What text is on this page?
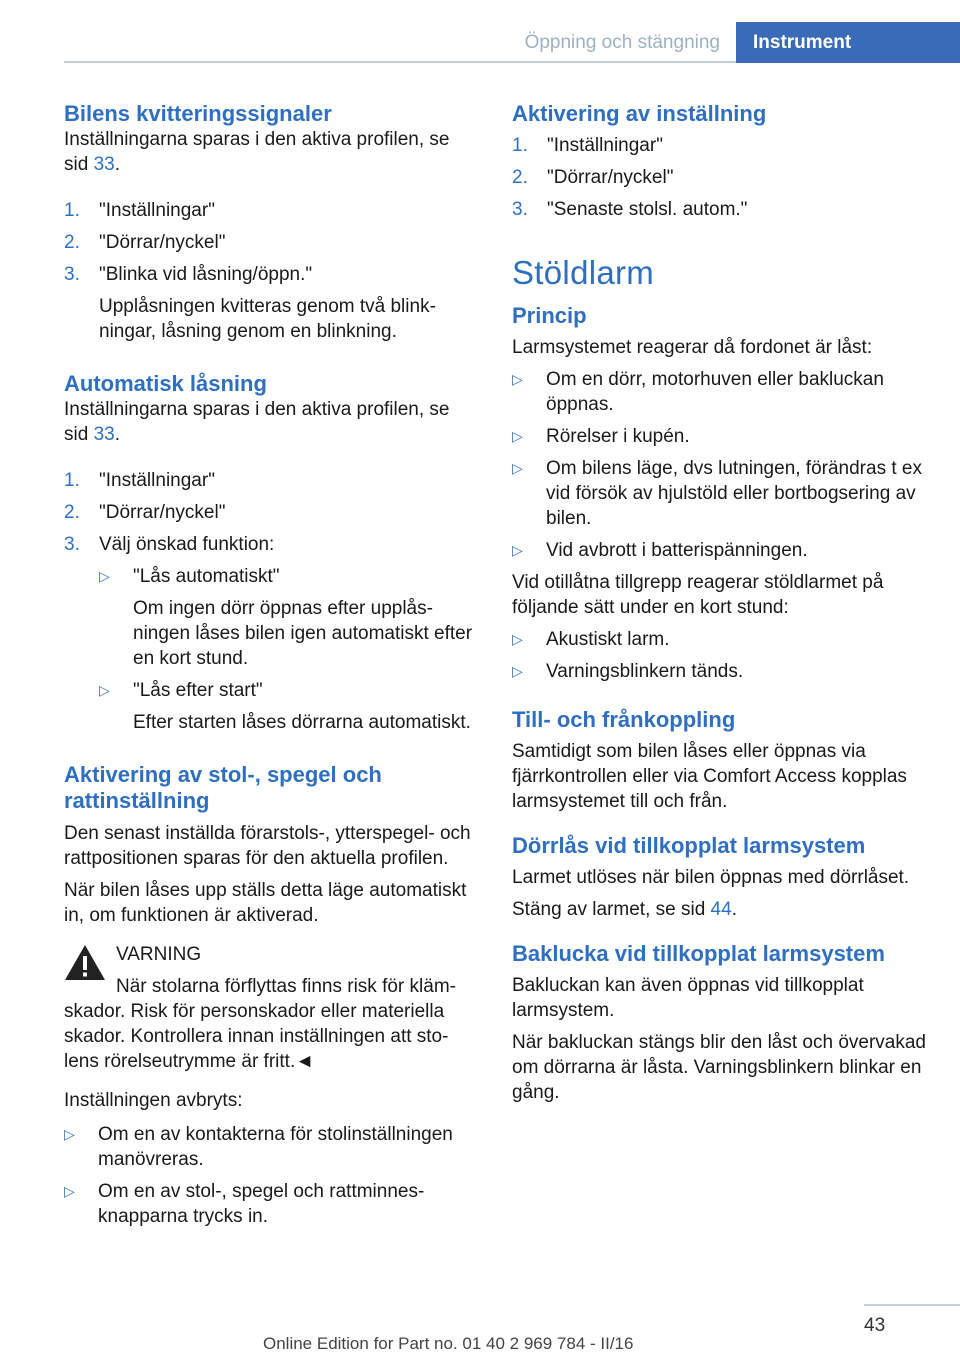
Öppning och stängning	Instrument
Bilens kvitteringssignaler

Inställningarna sparas i den aktiva profilen, se sid 33.

1.	"Inställningar"
2.	"Dörrar/nyckel"
3.	"Blinka vid låsning/öppn."

Upplåsningen kvitteras genom två blinkningar, låsning genom en blinkning.
Automatisk låsning

Inställningarna sparas i den aktiva profilen, se sid 33.

1.	"Inställningar"
2.	"Dörrar/nyckel"
3.	Välj önskad funktion:
▷	"Lås automatiskt"
Om ingen dörr öppnas efter upplåsningen låses bilen igen automatiskt efter en kort stund.
▷	"Lås efter start"
Efter starten låses dörrarna automatiskt.
Aktivering av stol-, spegel och rattinställning

Den senast inställda förarstols-, ytterspegel- och rattpositionen sparas för den aktuella profilen.

När bilen låses upp ställs detta läge automatiskt in, om funktionen är aktiverad.

VARNING

När stolarna förflyttas finns risk för klämskador. Risk för personskador eller materiella skador. Kontrollera innan inställningen att stolens rörelseutrymme är fritt.◄

Inställningen avbryts:

▷	Om en av kontakterna för stolinställningen manövreras.
▷	Om en av stol-, spegel och rattminnesknapparna trycks in.
Aktivering av inställning
1.	"Inställningar"
2.	"Dörrar/nyckel"
3.	"Senaste stolsl. autom."
Stöldlarm
Princip

Larmsystemet reagerar då fordonet är låst:

▷	Om en dörr, motorhuven eller bakluckan öppnas.
▷	Rörelser i kupén.
▷	Om bilens läge, dvs lutningen, förändras t ex vid försök av hjulstöld eller bortbogsering av bilen.
▷	Vid avbrott i batterispänningen.

Vid otillåtna tillgrepp reagerar stöldlarmet på följande sätt under en kort stund:

▷	Akustiskt larm.
▷	Varningsblinkern tänds.
Till- och frånkoppling

Samtidigt som bilen låses eller öppnas via fjärrkontrollen eller via Comfort Access kopplas larmsystemet till och från.

Dörrlås vid tillkopplat larmsystem

Larmet utlöses när bilen öppnas med dörrlåset.

Stäng av larmet, se sid 44.

Baklucka vid tillkopplat larmsystem

Bakluckan kan även öppnas vid tillkopplat larmsystem.

När bakluckan stängs blir den låst och övervakad om dörrarna är låsta. Varningsblinkern blinkar en gång.

43
Online Edition for Part no. 01 40 2 969 784 - II/16
